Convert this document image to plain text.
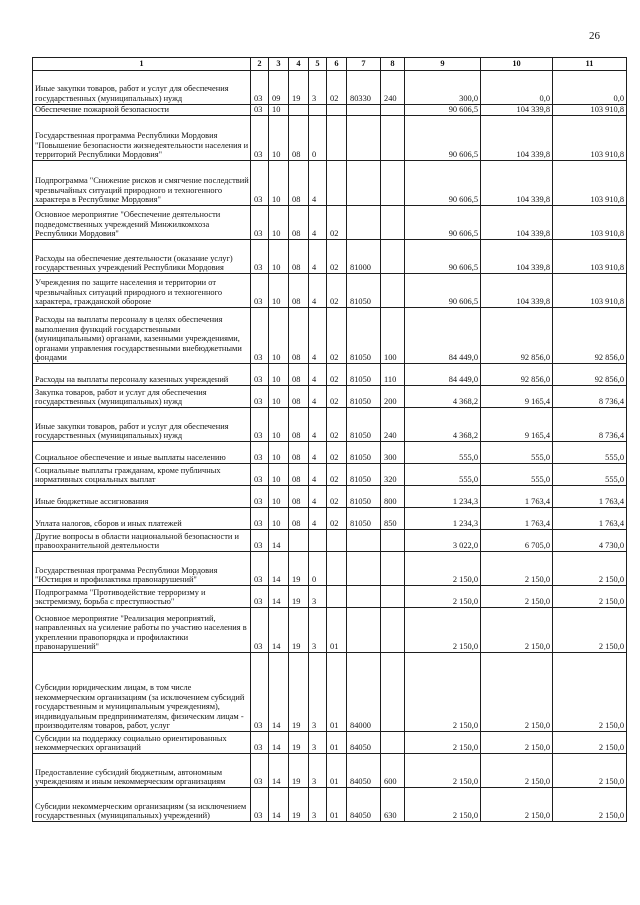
26
1	2	3	4	5	6	7	8	9	10	11
Иные закупки товаров, работ и услуг для обеспечения государственных (муниципальных) нужд	03	09	19	3	02	80330	240	300,0	0,0	0,0
Обеспечение пожарной безопасности	03	10						90 606,5	104 339,8	103 910,8
Государственная программа Республики Мордовия "Повышение безопасности жизнедеятельности населения и территорий Республики Мордовия"	03	10	08	0				90 606,5	104 339,8	103 910,8
Подпрограмма "Снижение рисков и смягчение последствий чрезвычайных ситуаций природного и техногенного характера в Республике Мордовия"	03	10	08	4				90 606,5	104 339,8	103 910,8
Основное мероприятие "Обеспечение деятельности подведомственных учреждений Минжилкомхоза Республики Мордовия"	03	10	08	4	02			90 606,5	104 339,8	103 910,8
Расходы на обеспечение деятельности (оказание услуг) государственных учреждений Республики Мордовия	03	10	08	4	02	81000		90 606,5	104 339,8	103 910,8
Учреждения по защите населения и территории от чрезвычайных ситуаций природного и техногенного характера, гражданской обороне	03	10	08	4	02	81050		90 606,5	104 339,8	103 910,8
Расходы на выплаты персоналу в целях обеспечения выполнения функций государственными (муниципальными) органами, казенными учреждениями, органами управления государственными внебюджетными фондами	03	10	08	4	02	81050	100	84 449,0	92 856,0	92 856,0
Расходы на выплаты персоналу казенных учреждений	03	10	08	4	02	81050	110	84 449,0	92 856,0	92 856,0
Закупка товаров, работ и услуг для обеспечения государственных (муниципальных) нужд	03	10	08	4	02	81050	200	4 368,2	9 165,4	8 736,4
Иные закупки товаров, работ и услуг для обеспечения государственных (муниципальных) нужд	03	10	08	4	02	81050	240	4 368,2	9 165,4	8 736,4
Социальное обеспечение и иные выплаты населению	03	10	08	4	02	81050	300	555,0	555,0	555,0
Социальные выплаты гражданам, кроме публичных нормативных социальных выплат	03	10	08	4	02	81050	320	555,0	555,0	555,0
Иные бюджетные ассигнования	03	10	08	4	02	81050	800	1 234,3	1 763,4	1 763,4
Уплата налогов, сборов и иных платежей	03	10	08	4	02	81050	850	1 234,3	1 763,4	1 763,4
Другие вопросы в области национальной безопасности и правоохранительной деятельности	03	14						3 022,0	6 705,0	4 730,0
Государственная программа Республики Мордовия "Юстиция и профилактика правонарушений"	03	14	19	0				2 150,0	2 150,0	2 150,0
Подпрограмма "Противодействие терроризму и экстремизму, борьба с преступностью"	03	14	19	3				2 150,0	2 150,0	2 150,0
Основное мероприятие "Реализация мероприятий, направленных на усиление работы по участию населения в укреплении правопорядка и профилактики правонарушений"	03	14	19	3	01			2 150,0	2 150,0	2 150,0
Субсидии юридическим лицам, в том числе некоммерческим организациям (за исключением субсидий государственным и муниципальным учреждениям), индивидуальным предпринимателям, физическим лицам - производителям товаров, работ, услуг	03	14	19	3	01	84000		2 150,0	2 150,0	2 150,0
Субсидии на поддержку социально ориентированных некоммерческих организаций	03	14	19	3	01	84050		2 150,0	2 150,0	2 150,0
Предоставление субсидий бюджетным, автономным учреждениям и иным некоммерческим организациям	03	14	19	3	01	84050	600	2 150,0	2 150,0	2 150,0
Субсидии некоммерческим организациям (за исключением государственных (муниципальных) учреждений)	03	14	19	3	01	84050	630	2 150,0	2 150,0	2 150,0
